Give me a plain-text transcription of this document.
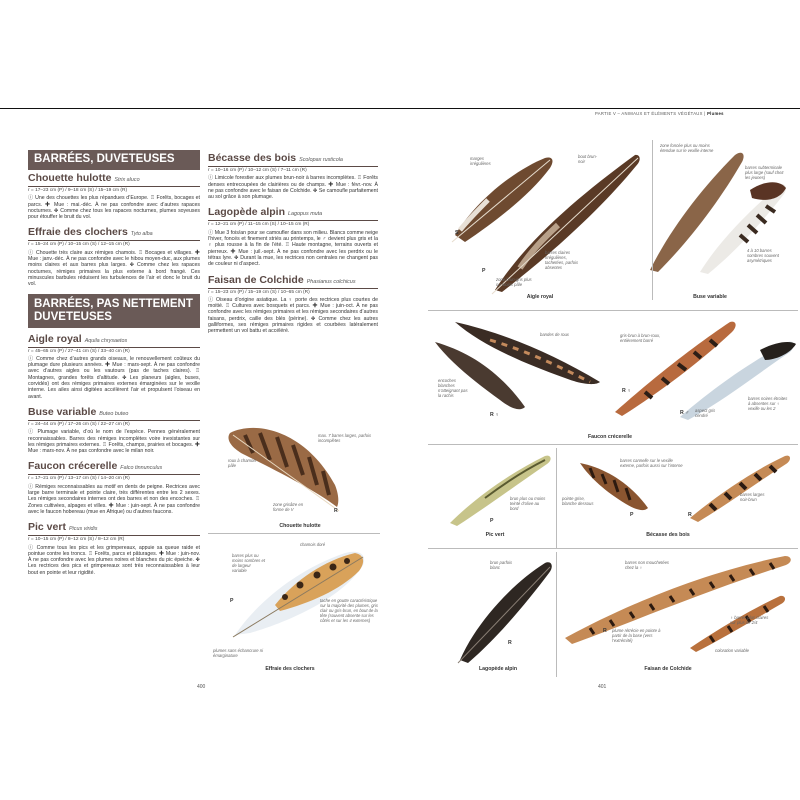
PARTIE V – ANIMAUX ET ÉLÉMENTS VÉGÉTAUX | Plumes
BARRÉES, DUVETEUSES
Chouette hulotte Strix aluco
r = 17–23 cm (P) / 9–18 cm (S) / 15–19 cm (R)

ⓘ Une des chouettes les plus répandues d’Europe. ♖ Forêts, bocages et parcs. ✚ Mue : mai.-déc. À ne pas confondre avec d’autres rapaces nocturnes. ✤ Comme chez tous les rapaces nocturnes, plumes soyeuses pour étouffer le bruit du vol.

Effraie des clochers Tyto alba
r = 15–24 cm (P) / 10–15 cm (S) / 12–15 cm (R)

ⓘ Chouette très claire aux rémiges chamois. ♖ Bocages et villages. ✚ Mue : janv.-déc. À ne pas confondre avec le hibou moyen-duc, aux plumes moins claires et aux barres plus larges. ✤ Comme chez les rapaces nocturnes, rémiges primaires la plus externe à bord frangé. Ces minuscules barbules réduisent les turbulences de l’air et donc le bruit du vol.

BARRÉES, PAS NETTEMENT DUVETEUSES
Aigle royal Aquila chrysaetos
r = 45–65 cm (P) / 27–41 cm (S) / 33–40 cm (R)

ⓘ Comme chez d’autres grands oiseaux, le renouvellement coûteux du plumage dure plusieurs années. ✚ Mue : mars-sept. À ne pas confondre avec d’autres aigles ou les vautours (pas de taches claires). ♖ Montagnes, grandes forêts d’altitude. ✤ Les planeurs (aigles, buses, corvidés) ont des rémiges primaires externes émarginées sur le vexille interne. Les ailes ainsi digitées accélèrent l’air et propulsent l’oiseau en avant.

Buse variable Buteo buteo
r = 24–44 cm (P) / 17–26 cm (S) / 22–27 cm (R)

ⓘ Plumage variable, d’où le nom de l’espèce. Pennes généralement reconnaissables. Barres des rémiges incomplètes voire inexistantes sur les rémiges primaires externes. ♖ Forêts, champs, prairies et bocages. ✚ Mue : mars-nov. À ne pas confondre avec le milan noir.

Faucon crécerelle Falco tinnunculus
r = 17–21 cm (P) / 13–17 cm (S) / 14–20 cm (R)

ⓘ Rémiges reconnaissables au motif en dents de peigne. Rectrices avec large barre terminale et pointe claire, très différentes entre les 2 sexes. Les rémiges secondaires internes ont des barres et non des encoches. ♖ Zones cultivées, alpages et villes. ✚ Mue : juin-sept. À ne pas confondre avec le faucon hobereau (mue en Afrique) ou d’autres faucons.

Pic vert Picus viridis
r = 10–15 cm (P) / 8–12 cm (S) / 8–12 cm (R)

ⓘ Comme tous les pics et les grimpereaux, appuie sa queue raide et pointue contre les troncs. ♖ Forêts, parcs et pâturages. ✚ Mue : juin-nov. À ne pas confondre avec les plumes noires et blanches du pic épeiche. ✤ Les rectrices des pics et grimpereaux sont très reconnaissables à leur bout en pointe et leur rigidité.

Bécasse des bois Scolopax rusticola
r = 10–16 cm (P) / 10–12 cm (S) / 7–11 cm (R)

ⓘ Limicole forestier aux plumes brun-noir à barres incomplètes. ♖ Forêts denses entrecoupées de clairières ou de champs. ✚ Mue : févr.-nov. À ne pas confondre avec le faisan de Colchide. ✤ Se camoufle parfaitement au sol grâce à son plumage.

Lagopède alpin Lagopus muta
r = 12–21 cm (P) / 11–15 cm (S) / 10–15 cm (R)

ⓘ Mue 3 fois/an pour se camoufler dans son milieu. Blancs comme neige l’hiver, foncés et finement striés au printemps, le ♂ devient plus gris et la ♀ plus rousse à la fin de l’été. ♖ Haute montagne, terrains ouverts et pierreux. ✚ Mue : juil.-sept. À ne pas confondre avec les perdrix ou le tétras lyre. ✤ Durant la mue, les rectrices non centrales ne changent pas de couleur ni d’aspect.

Faisan de Colchide Phasianus colchicus
r = 15–23 cm (P) / 15–19 cm (S) / 10–65 cm (R)

ⓘ Oiseau d’origine asiatique. La ♀ porte des rectrices plus courtes de moitié. ♖ Cultures avec bosquets et parcs. ✚ Mue : juin-oct. À ne pas confondre avec les rémiges primaires et les rémiges secondaires d’autres faisans, perdrix, caille des blés (périne). ✤ Comme chez les autres galliformes, ses rémiges primaires rigides et courbées latéralement permettent un vol battu et accéléré.

roux à chamois pâle
max. 7 barres larges, parfois incomplètes
zone grisâtre en forme de V	R
Chouette hulotte
chamois doré
barres plus ou moins sombres et de largeur variable
tache en goutte caractéristique sur la majorité des plumes, gris clair ou gris-brun, en bout de la tête (souvent absente sur les côtés et sur les 4 externes)
plumes sans échancrure ni émarginature
P
Effraie des clochers
400
marges irrégulières
zone brun-gris plus ou moins pâle
bout brun-noir
barres claires irrégulières, tachetées, parfois absentes
S
P
Aigle royal
zone foncée plus ou moins étendue sur le vexille interne
barres subterminale plus large (sauf chez les jeunes)
4 à 10 barres sombres souvent asymétriques
Buse variable
bandes de roux
encoches blanches n’atteignant pas la rachis
gris-brun à brun-roux, entièrement barré
aspect gris cendré
barres noires étroites à absentes sur ♀ vexille ou les 2
R ♀
R ♀
R ♂
Faucon crécerelle
brun plus ou moins teinté d’olive au bord
Pic vert
P
barres cannelle sur le vexille externe, parfois aussi sur l’interne
pointe grise, blanche dessous
barres larges noir-brun
P	R
Bécasse des bois
brun parfois blanc
R
Lagopède alpin
barres non mouchetées chez la ♀
plume rétrécie en pointe à partir de la base (vers l’extrémité)
♀ barres plus claires sur plus de 2/4
coloration variable
R
Faisan de Colchide
401
